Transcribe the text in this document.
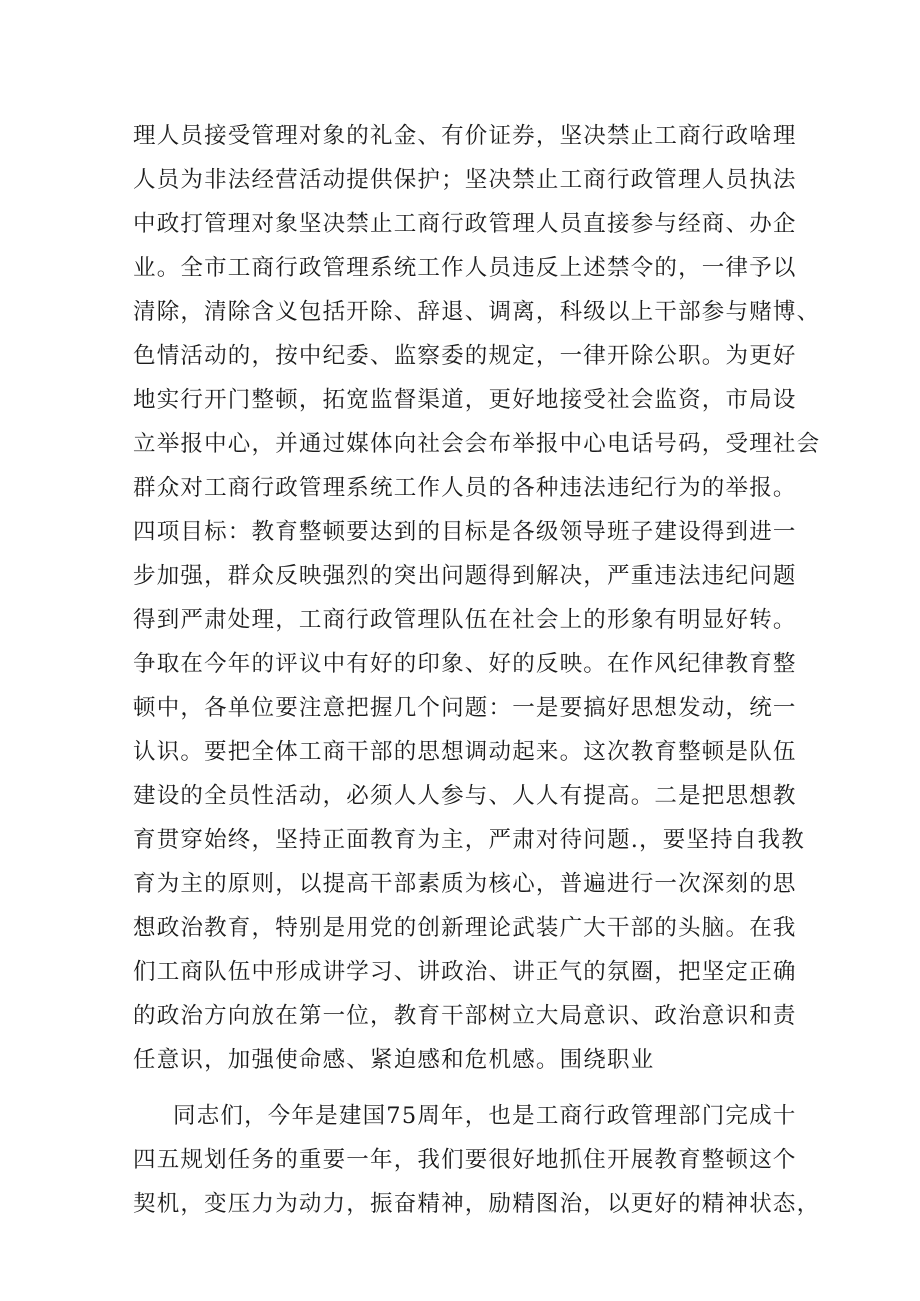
理人员接受管理对象的礼金、有价证券，坚决禁止工商行政啥理
人员为非法经营活动提供保护；坚决禁止工商行政管理人员执法
中政打管理对象坚决禁止工商行政管理人员直接参与经商、办企
业。全市工商行政管理系统工作人员违反上述禁令的，一律予以
清除，清除含义包括开除、辞退、调离，科级以上干部参与赌博、
色情活动的，按中纪委、监察委的规定，一律开除公职。为更好
地实行开门整顿，拓宽监督渠道，更好地接受社会监资，市局设
立举报中心，并通过媒体向社会会布举报中心电话号码，受理社会
群众对工商行政管理系统工作人员的各种违法违纪行为的举报。
四项目标：教育整顿要达到的目标是各级领导班子建设得到进一
步加强，群众反映强烈的突出问题得到解决，严重违法违纪问题
得到严肃处理，工商行政管理队伍在社会上的形象有明显好转。
争取在今年的评议中有好的印象、好的反映。在作风纪律教育整
顿中，各单位要注意把握几个问题：一是要搞好思想发动，统一
认识。要把全体工商干部的思想调动起来。这次教育整顿是队伍
建设的全员性活动，必须人人参与、人人有提高。二是把思想教
育贯穿始终，坚持正面教育为主，严肃对待问题.，要坚持自我教
育为主的原则，以提高干部素质为核心，普遍进行一次深刻的思
想政治教育，特别是用党的创新理论武装广大干部的头脑。在我
们工商队伍中形成讲学习、讲政治、讲正气的氛圈，把坚定正确
的政治方向放在第一位，教育干部树立大局意识、政治意识和责
任意识，加强使命感、紧迫感和危机感。围绕职业
同志们，今年是建国75周年，也是工商行政管理部门完成十
四五规划任务的重要一年，我们要很好地抓住开展教育整顿这个
契机，变压力为动力，振奋精神，励精图治，以更好的精神状态，
